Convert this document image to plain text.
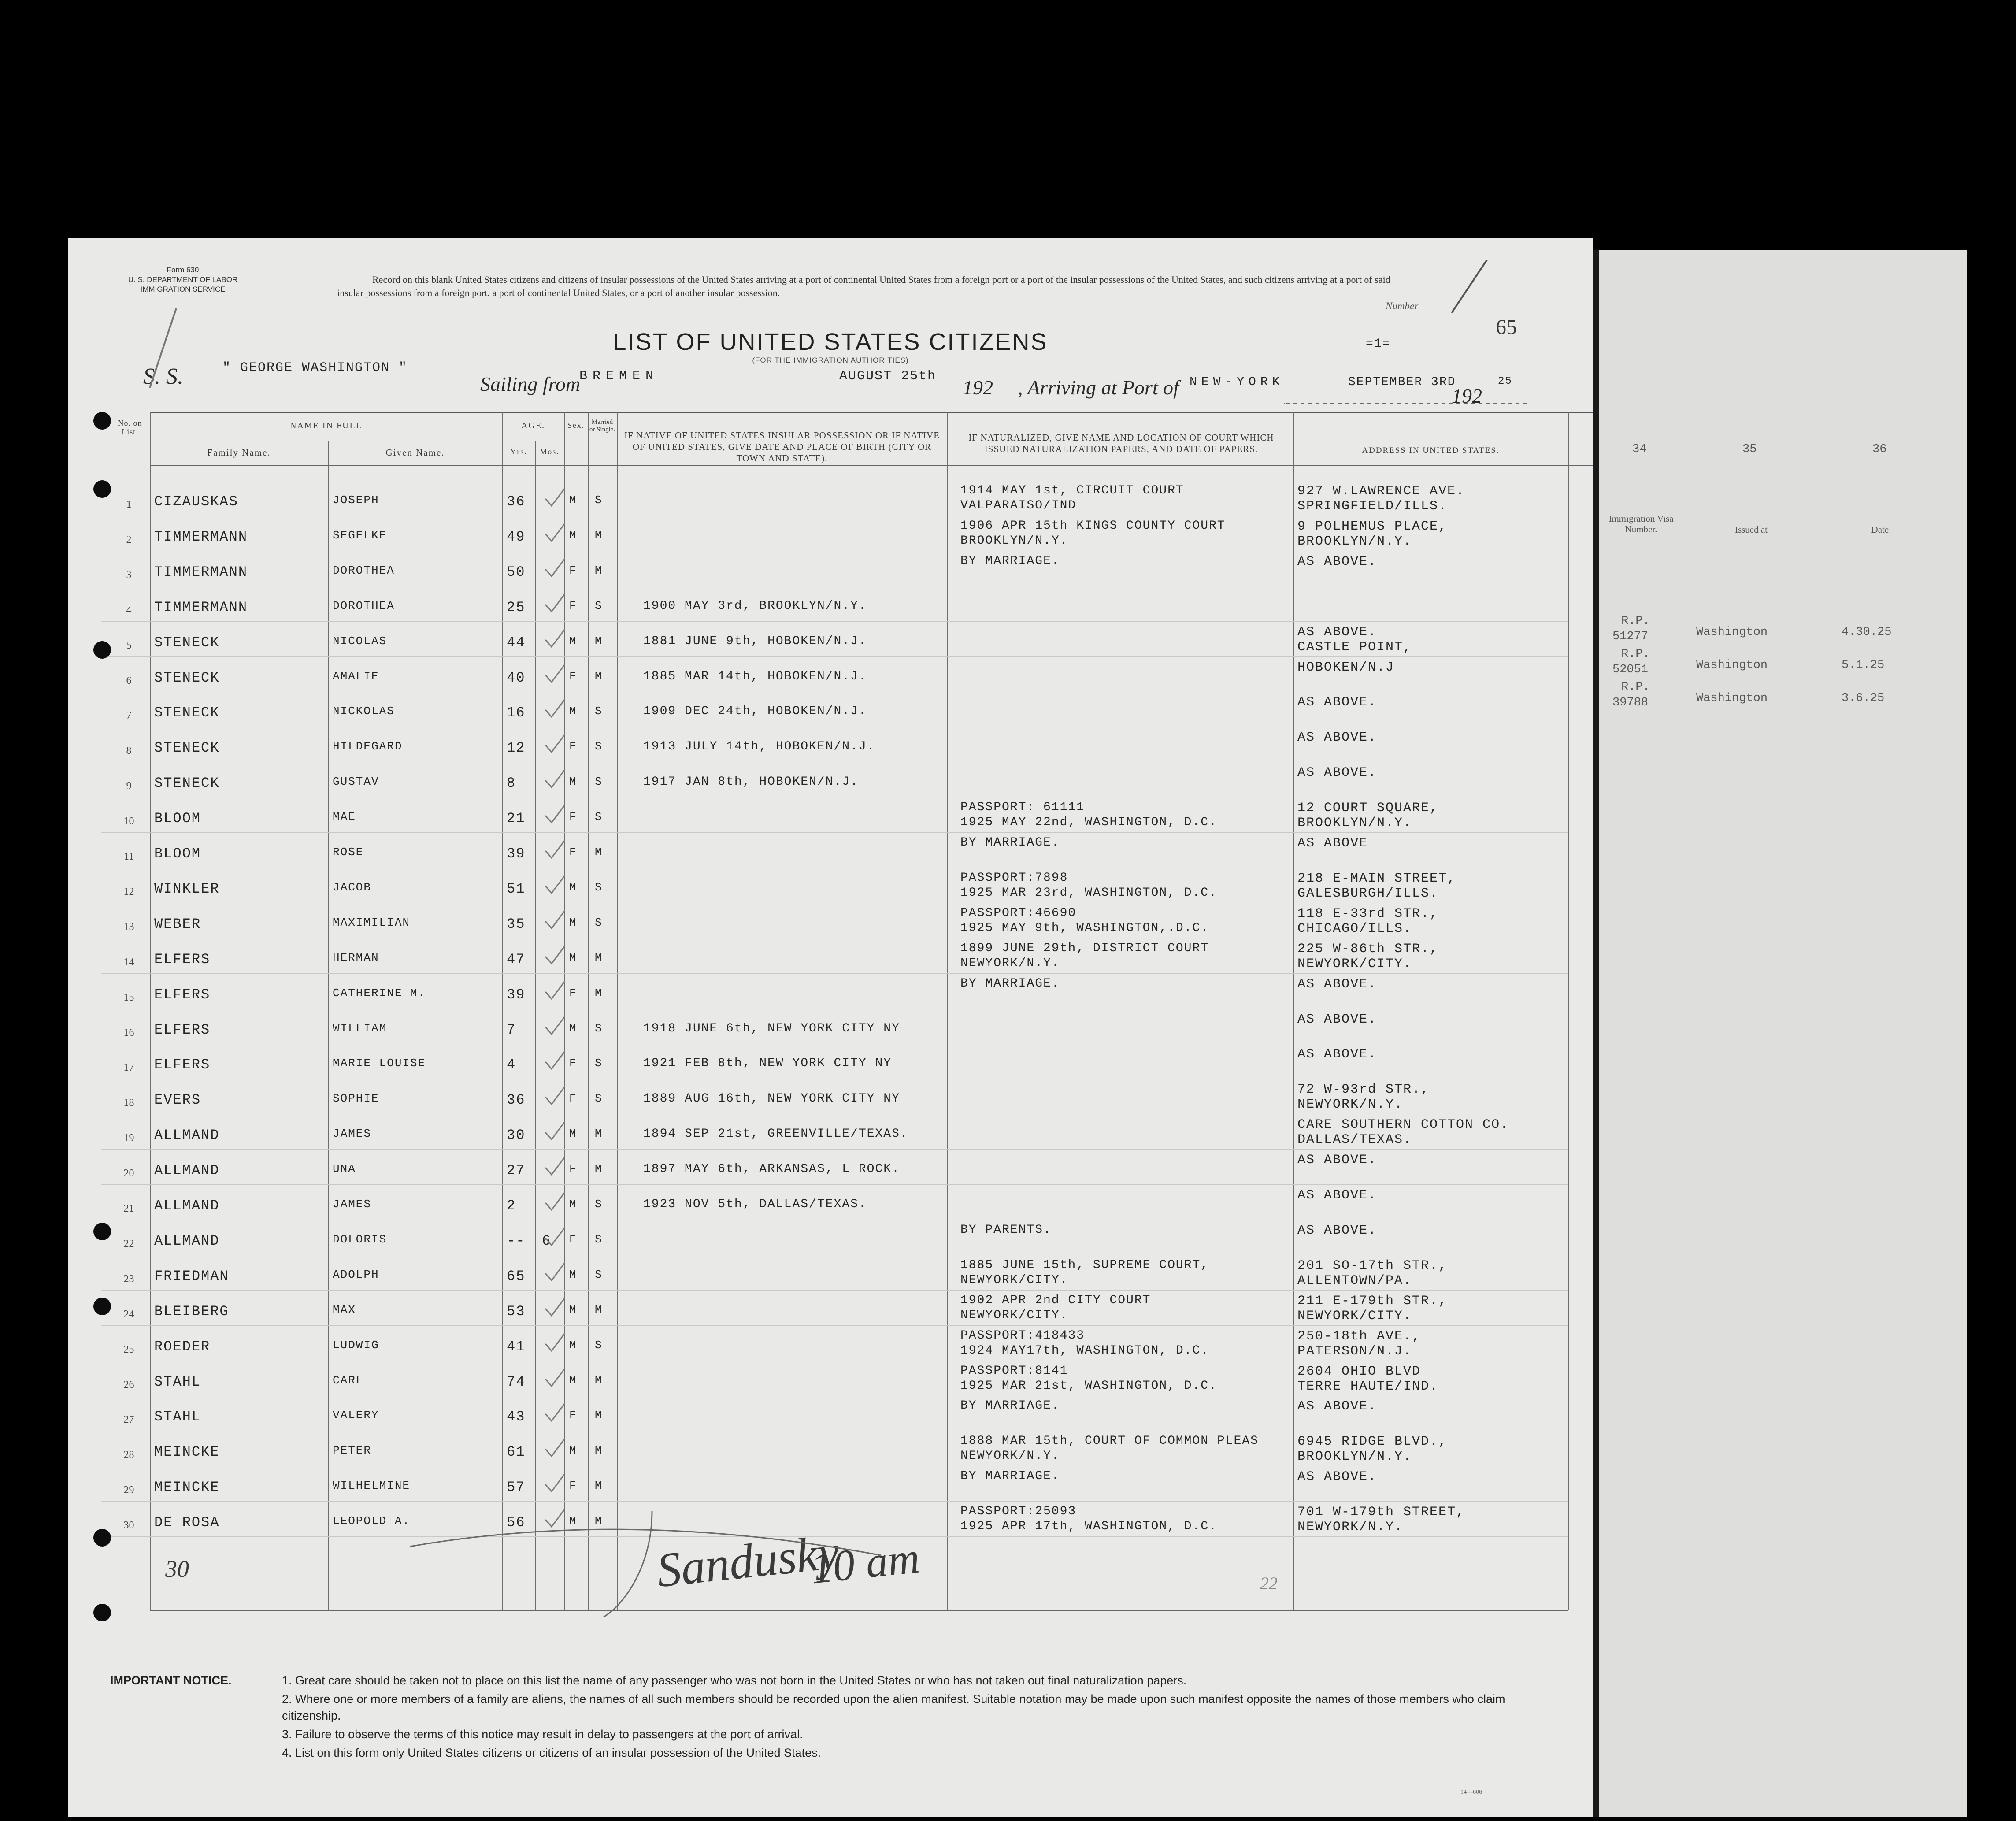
Form 630
U. S. DEPARTMENT OF LABOR
IMMIGRATION SERVICE
Record on this blank United States citizens and citizens of insular possessions of the United States arriving at a port of continental United States from a foreign port or a port of the insular possessions of the United States, and such citizens arriving at a port of said insular possessions from a foreign port, a port of continental United States, or a port of another insular possession.
Number
65
LIST OF UNITED STATES CITIZENS
(FOR THE IMMIGRATION AUTHORITIES)
=1=
S. S.	" GEORGE WASHINGTON "
Sailing from
BREMEN	AUGUST 25th 192 , Arriving at Port of NEW-YORK	SEPTEMBER 3RD	25
192
No. on List.
NAME IN FULL
Family Name.	Given Name.
AGE.
Yrs.	Mos.
Sex.	Married or Single.
IF NATIVE OF UNITED STATES INSULAR POSSESSION OR IF NATIVE OF UNITED STATES, GIVE DATE AND PLACE OF BIRTH (CITY OR TOWN AND STATE).
IF NATURALIZED, GIVE NAME AND LOCATION OF COURT WHICH ISSUED NATURALIZATION PAPERS, AND DATE OF PAPERS.	ADDRESS IN UNITED STATES.
1	CIZAUSKAS	JOSEPH	36	M S
1914 MAY 1st, CIRCUIT COURT	927 W.LAWRENCE AVE.
VALPARAISO/IND	SPRINGFIELD/ILLS.
2	TIMMERMANN	SEGELKE	49	M M
1906 APR 15th KINGS COUNTY COURT	9 POLHEMUS PLACE,
BROOKLYN/N.Y.	BROOKLYN/N.Y.
3	TIMMERMANN	DOROTHEA	50	F M
BY MARRIAGE.	AS ABOVE.
4	TIMMERMANN	DOROTHEA	25	F S	1900 MAY 3rd, BROOKLYN/N.Y.
5	STENECK	NICOLAS	44	M M	1881 JUNE 9th, HOBOKEN/N.J.
AS ABOVE.
CASTLE POINT,
6	STENECK	AMALIE	40	F M	1885 MAR 14th, HOBOKEN/N.J.
HOBOKEN/N.J
7	STENECK	NICKOLAS	16	M S	1909 DEC 24th, HOBOKEN/N.J.
AS ABOVE.
8	STENECK	HILDEGARD	12	F S	1913 JULY 14th, HOBOKEN/N.J.
AS ABOVE.
9	STENECK	GUSTAV	8	M S	1917 JAN 8th, HOBOKEN/N.J.
AS ABOVE.
10	BLOOM	MAE	21	F S
PASSPORT: 61111	12 COURT SQUARE,
1925 MAY 22nd, WASHINGTON, D.C.	BROOKLYN/N.Y.
11	BLOOM	ROSE	39	F M
BY MARRIAGE.	AS ABOVE
12	WINKLER	JACOB	51	M S
PASSPORT:7898	218 E-MAIN STREET,
1925 MAR 23rd, WASHINGTON, D.C.	GALESBURGH/ILLS.
13	WEBER	MAXIMILIAN	35	M S
PASSPORT:46690	118 E-33rd STR.,
1925 MAY 9th, WASHINGTON,.D.C.	CHICAGO/ILLS.
14	ELFERS	HERMAN	47	M M
1899 JUNE 29th, DISTRICT COURT	225 W-86th STR.,
NEWYORK/N.Y.	NEWYORK/CITY.
15	ELFERS	CATHERINE M.	39	F M
BY MARRIAGE.	AS ABOVE.
16	ELFERS	WILLIAM	7	M S	1918 JUNE 6th, NEW YORK CITY NY
AS ABOVE.
17	ELFERS	MARIE LOUISE	4	F S	1921 FEB 8th, NEW YORK CITY NY
AS ABOVE.
18	EVERS	SOPHIE	36	F S	1889 AUG 16th, NEW YORK CITY NY
72 W-93rd STR.,
NEWYORK/N.Y.
19	ALLMAND	JAMES	30	M M	1894 SEP 21st, GREENVILLE/TEXAS.
CARE SOUTHERN COTTON CO.
DALLAS/TEXAS.
20	ALLMAND	UNA	27	F M	1897 MAY 6th, ARKANSAS, L ROCK.
AS ABOVE.
21	ALLMAND	JAMES	2	M S	1923 NOV 5th, DALLAS/TEXAS.
AS ABOVE.
22	ALLMAND	DOLORIS	-- 6 F S
BY PARENTS.	AS ABOVE.
23	FRIEDMAN	ADOLPH	65	M S
1885 JUNE 15th, SUPREME COURT,	201 SO-17th STR.,
NEWYORK/CITY.	ALLENTOWN/PA.
24	BLEIBERG	MAX	53	M M
1902 APR 2nd CITY COURT	211 E-179th STR.,
NEWYORK/CITY.	NEWYORK/CITY.
25	ROEDER	LUDWIG	41	M S
PASSPORT:418433	250-18th AVE.,
1924 MAY17th, WASHINGTON, D.C.	PATERSON/N.J.
26	STAHL	CARL	74	M M
PASSPORT:8141	2604 OHIO BLVD
1925 MAR 21st, WASHINGTON, D.C.	TERRE HAUTE/IND.
27	STAHL	VALERY	43	F M
BY MARRIAGE.	AS ABOVE.
28	MEINCKE	PETER	61	M M
1888 MAR 15th, COURT OF COMMON PLEAS	6945 RIDGE BLVD.,
NEWYORK/N.Y.	BROOKLYN/N.Y.
29	MEINCKE	WILHELMINE	57	F M
BY MARRIAGE.	AS ABOVE.
30	DE ROSA	LEOPOLD A.	56	M M
PASSPORT:25093	701 W-179th STREET,
1925 APR 17th, WASHINGTON, D.C.	NEWYORK/N.Y.
30	Sandusky
10 am	22
34	35	36
Immigration Visa Number.	Issued at	Date.
R.P.
51277	Washington	4.30.25
R.P.
52051	Washington	5.1.25
R.P.
39788	Washington	3.6.25
IMPORTANT NOTICE.	1. Great care should be taken not to place on this list the name of any passenger who was not born in the United States or who has not taken out final naturalization papers.
2. Where one or more members of a family are aliens, the names of all such members should be recorded upon the alien manifest. Suitable notation may be made upon such manifest opposite the names of those members who claim citizenship.
3. Failure to observe the terms of this notice may result in delay to passengers at the port of arrival.
4. List on this form only United States citizens or citizens of an insular possession of the United States.
14—606
